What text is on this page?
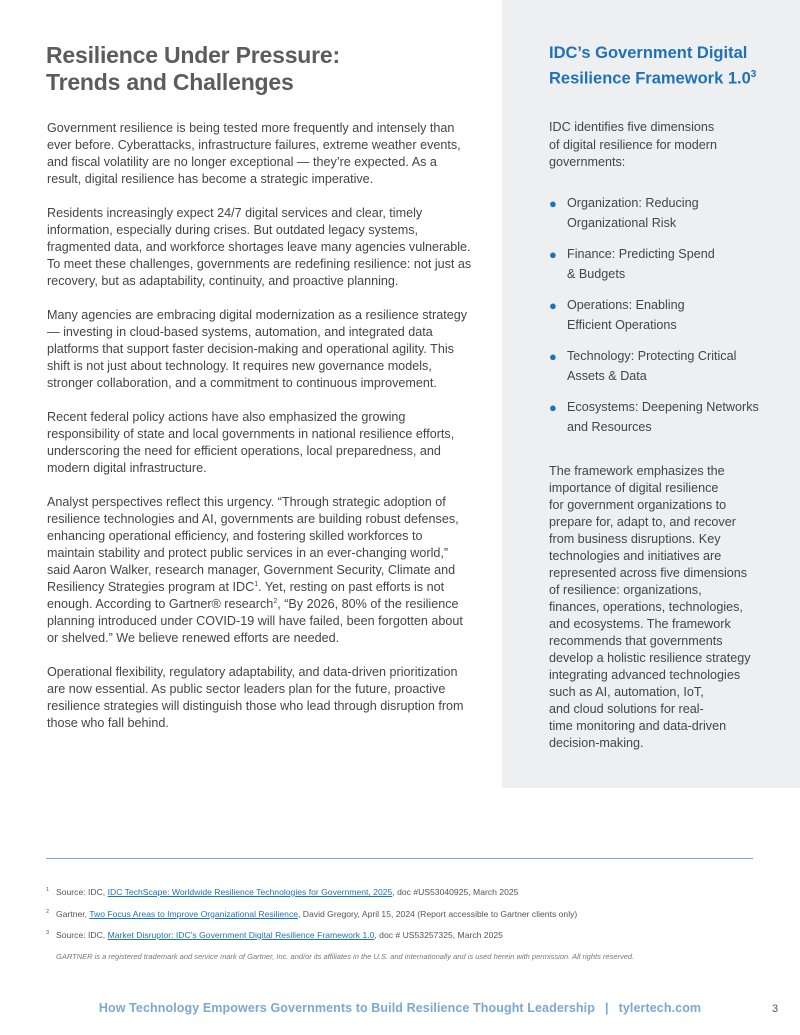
Resilience Under Pressure:
Trends and Challenges

Government resilience is being tested more frequently and intensely than ever before. Cyberattacks, infrastructure failures, extreme weather events, and fiscal volatility are no longer exceptional — they’re expected. As a result, digital resilience has become a strategic imperative.

Residents increasingly expect 24/7 digital services and clear, timely information, especially during crises. But outdated legacy systems, fragmented data, and workforce shortages leave many agencies vulnerable. To meet these challenges, governments are redefining resilience: not just as recovery, but as adaptability, continuity, and proactive planning.

Many agencies are embracing digital modernization as a resilience strategy — investing in cloud-based systems, automation, and integrated data platforms that support faster decision-making and operational agility. This shift is not just about technology. It requires new governance models, stronger collaboration, and a commitment to continuous improvement.

Recent federal policy actions have also emphasized the growing responsibility of state and local governments in national resilience efforts, underscoring the need for efficient operations, local preparedness, and modern digital infrastructure.

Analyst perspectives reflect this urgency. “Through strategic adoption of resilience technologies and AI, governments are building robust defenses, enhancing operational efficiency, and fostering skilled workforces to maintain stability and protect public services in an ever-changing world,” said Aaron Walker, research manager, Government Security, Climate and Resiliency Strategies program at IDC$^1$. Yet, resting on past efforts is not enough. According to Gartner® research$^2$, “By 2026, 80% of the resilience planning introduced under COVID-19 will have failed, been forgotten about or shelved.” We believe renewed efforts are needed.

Operational flexibility, regulatory adaptability, and data-driven prioritization are now essential. As public sector leaders plan for the future, proactive resilience strategies will distinguish those who lead through disruption from those who fall behind.

IDC’s Government Digital
Resilience Framework $1.0^3$
IDC identifies five dimensions
of digital resilience for modern
governments:
● Organization: Reducing
Organizational Risk
● Finance: Predicting Spend
& Budgets
● Operations: Enabling
Efficient Operations
● Technology: Protecting Critical
Assets & Data
● Ecosystems: Deepening Networks
and Resources
The framework emphasizes the
importance of digital resilience
for government organizations to
prepare for, adapt to, and recover
from business disruptions. Key
technologies and initiatives are
represented across five dimensions
of resilience: organizations,
finances, operations, technologies,
and ecosystems. The framework
recommends that governments
develop a holistic resilience strategy
integrating advanced technologies
such as AI, automation, IoT,
and cloud solutions for real-
time monitoring and data-driven
decision-making.
1 Source: IDC, IDC TechScape: Worldwide Resilience Technologies for Government, 2025, doc #US53040925, March 2025
2 Gartner, Two Focus Areas to Improve Organizational Resilience, David Gregory, April 15, 2024 (Report accessible to Gartner clients only)
3 Source: IDC, Market Disruptor: IDC’s Government Digital Resilience Framework 1.0, doc # US53257325, March 2025
GARTNER is a registered trademark and service mark of Gartner, Inc. and/or its affiliates in the U.S. and internationally and is used herein with permission. All rights reserved.
How Technology Empowers Governments to Build Resilience Thought Leadership | tylertech.com	3
